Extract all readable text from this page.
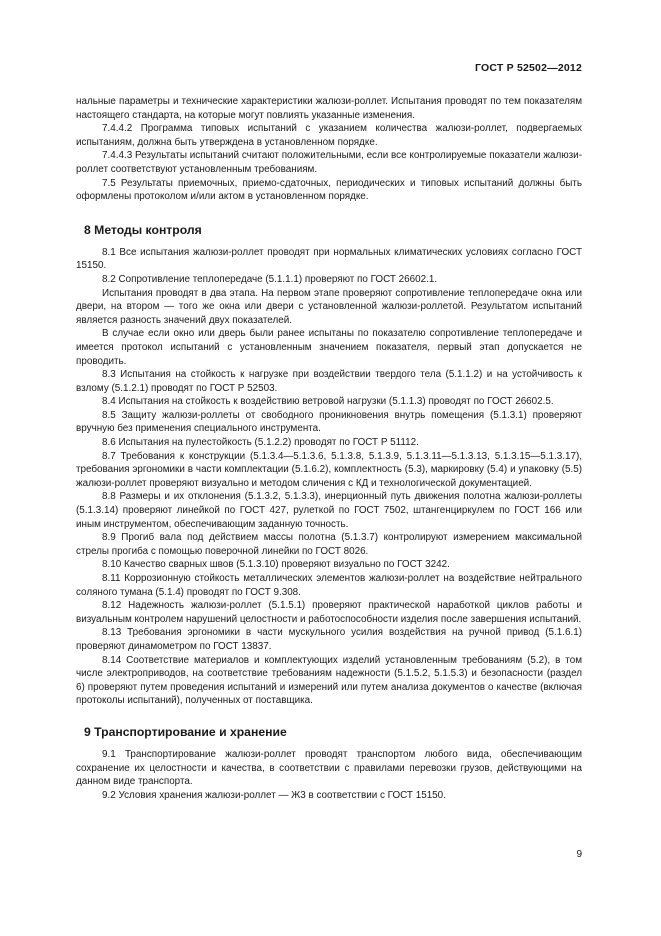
ГОСТ Р 52502—2012

нальные параметры и технические характеристики жалюзи-роллет. Испытания проводят по тем показателям настоящего стандарта, на которые могут повлиять указанные изменения.

7.4.4.2 Программа типовых испытаний с указанием количества жалюзи-роллет, подвергаемых испытаниям, должна быть утверждена в установленном порядке.

7.4.4.3 Результаты испытаний считают положительными, если все контролируемые показатели жалюзи-роллет соответствуют установленным требованиям.

7.5 Результаты приемочных, приемо-сдаточных, периодических и типовых испытаний должны быть оформлены протоколом и/или актом в установленном порядке.

8 Методы контроля

8.1 Все испытания жалюзи-роллет проводят при нормальных климатических условиях согласно ГОСТ 15150.

8.2 Сопротивление теплопередаче (5.1.1.1) проверяют по ГОСТ 26602.1.

Испытания проводят в два этапа. На первом этапе проверяют сопротивление теплопередаче окна или двери, на втором — того же окна или двери с установленной жалюзи-роллетой. Результатом испытаний является разность значений двух показателей.

В случае если окно или дверь были ранее испытаны по показателю сопротивление теплопередаче и имеется протокол испытаний с установленным значением показателя, первый этап допускается не проводить.

8.3 Испытания на стойкость к нагрузке при воздействии твердого тела (5.1.1.2) и на устойчивость к взлому (5.1.2.1) проводят по ГОСТ Р 52503.

8.4 Испытания на стойкость к воздействию ветровой нагрузки (5.1.1.3) проводят по ГОСТ 26602.5.

8.5 Защиту жалюзи-роллеты от свободного проникновения внутрь помещения (5.1.3.1) проверяют вручную без применения специального инструмента.

8.6 Испытания на пулестойкость (5.1.2.2) проводят по ГОСТ Р 51112.

8.7 Требования к конструкции (5.1.3.4—5.1.3.6, 5.1.3.8, 5.1.3.9, 5.1.3.11—5.1.3.13, 5.1.3.15—5.1.3.17), требования эргономики в части комплектации (5.1.6.2), комплектность (5.3), маркировку (5.4) и упаковку (5.5) жалюзи-роллет проверяют визуально и методом сличения с КД и технологической документацией.

8.8 Размеры и их отклонения (5.1.3.2, 5.1.3.3), инерционный путь движения полотна жалюзи-роллеты (5.1.3.14) проверяют линейкой по ГОСТ 427, рулеткой по ГОСТ 7502, штангенциркулем по ГОСТ 166 или иным инструментом, обеспечивающим заданную точность.

8.9 Прогиб вала под действием массы полотна (5.1.3.7) контролируют измерением максимальной стрелы прогиба с помощью поверочной линейки по ГОСТ 8026.

8.10 Качество сварных швов (5.1.3.10) проверяют визуально по ГОСТ 3242.

8.11 Коррозионную стойкость металлических элементов жалюзи-роллет на воздействие нейтрального соляного тумана (5.1.4) проводят по ГОСТ 9.308.

8.12 Надежность жалюзи-роллет (5.1.5.1) проверяют практической наработкой циклов работы и визуальным контролем нарушений целостности и работоспособности изделия после завершения испытаний.

8.13 Требования эргономики в части мускульного усилия воздействия на ручной привод (5.1.6.1) проверяют динамометром по ГОСТ 13837.

8.14 Соответствие материалов и комплектующих изделий установленным требованиям (5.2), в том числе электроприводов, на соответствие требованиям надежности (5.1.5.2, 5.1.5.3) и безопасности (раздел 6) проверяют путем проведения испытаний и измерений или путем анализа документов о качестве (включая протоколы испытаний), полученных от поставщика.

9 Транспортирование и хранение

9.1 Транспортирование жалюзи-роллет проводят транспортом любого вида, обеспечивающим сохранение их целостности и качества, в соответствии с правилами перевозки грузов, действующими на данном виде транспорта.

9.2 Условия хранения жалюзи-роллет — Ж3 в соответствии с ГОСТ 15150.

9
